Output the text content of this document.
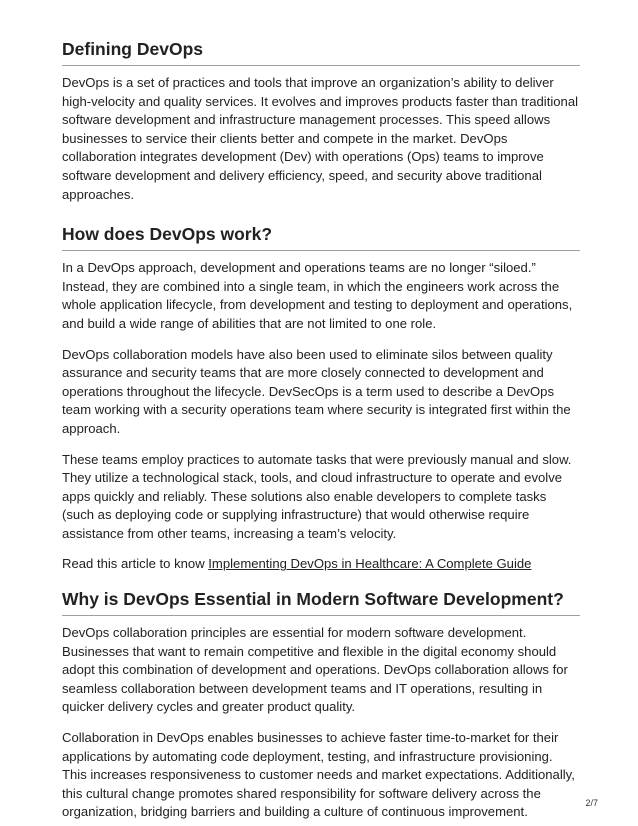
Defining DevOps

DevOps is a set of practices and tools that improve an organization’s ability to deliver high-velocity and quality services. It evolves and improves products faster than traditional software development and infrastructure management processes. This speed allows businesses to service their clients better and compete in the market. DevOps collaboration integrates development (Dev) with operations (Ops) teams to improve software development and delivery efficiency, speed, and security above traditional approaches.

How does DevOps work?

In a DevOps approach, development and operations teams are no longer “siloed.” Instead, they are combined into a single team, in which the engineers work across the whole application lifecycle, from development and testing to deployment and operations, and build a wide range of abilities that are not limited to one role.

DevOps collaboration models have also been used to eliminate silos between quality assurance and security teams that are more closely connected to development and operations throughout the lifecycle. DevSecOps is a term used to describe a DevOps team working with a security operations team where security is integrated first within the approach.

These teams employ practices to automate tasks that were previously manual and slow. They utilize a technological stack, tools, and cloud infrastructure to operate and evolve apps quickly and reliably. These solutions also enable developers to complete tasks (such as deploying code or supplying infrastructure) that would otherwise require assistance from other teams, increasing a team’s velocity.

Read this article to know Implementing DevOps in Healthcare: A Complete Guide

Why is DevOps Essential in Modern Software Development?

DevOps collaboration principles are essential for modern software development. Businesses that want to remain competitive and flexible in the digital economy should adopt this combination of development and operations. DevOps collaboration allows for seamless collaboration between development teams and IT operations, resulting in quicker delivery cycles and greater product quality.

Collaboration in DevOps enables businesses to achieve faster time-to-market for their applications by automating code deployment, testing, and infrastructure provisioning. This increases responsiveness to customer needs and market expectations. Additionally, this cultural change promotes shared responsibility for software delivery across the organization, bridging barriers and building a culture of continuous improvement.

2/7
